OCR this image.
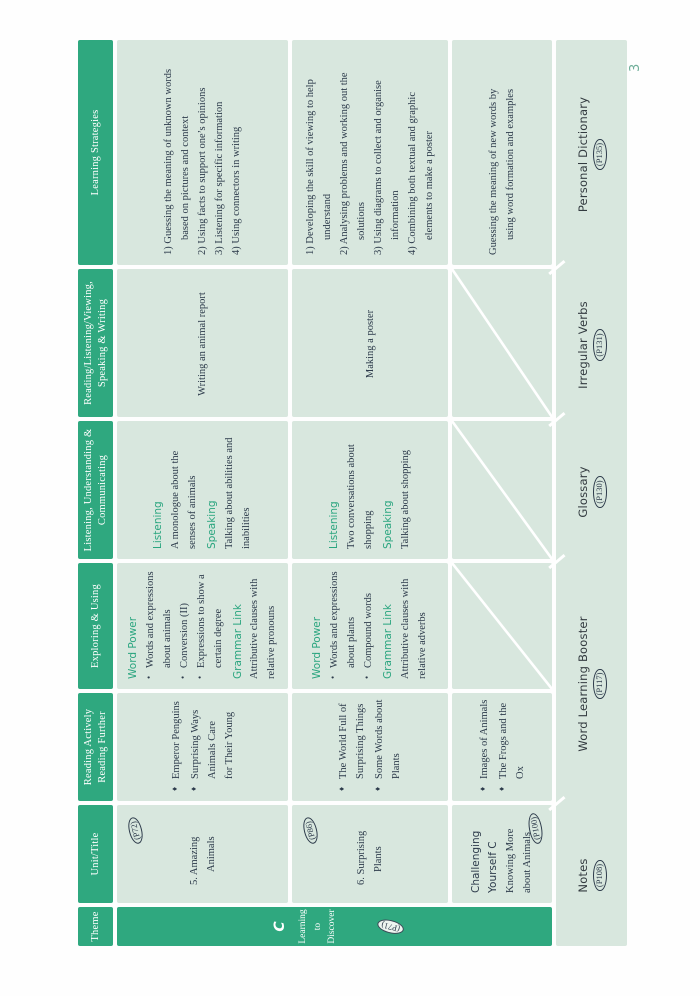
3
Theme
Unit/Title
Reading Actively Reading Further
Exploring & Using
Listening, Understanding & Communicating
Reading/Listening/Viewing, Speaking & Writing
Learning Strategies
C	Learning to Discover	(P71)
(P72)
5. Amazing Animals
♦
Emperor Penguins
♦
Surprising Ways Animals Care for Their Young
Word Power •
Words and expressions about animals
•
Conversion (II)
•
Expressions to show a certain degree Grammar Link Attributive clauses with relative pronouns
Listening A monologue about the senses of animals Speaking Talking about abilities and inabilities
Writing an animal report
1) Guessing the meaning of unknown words based on pictures and context 2) Using facts to support one’s opinions 3) Listening for specific information 4) Using connectors in writing
(P86)
6. Surprising Plants
♦
The World Full of Surprising Things
♦
Some Words about Plants
Word Power •
Words and expressions about plants
•
Compound words Grammar Link Attributive clauses with relative adverbs
Listening Two conversations about shopping Speaking Talking about shopping
Making a poster
1) Developing the skill of viewing to help understand 2) Analysing problems and working out the solutions 3) Using diagrams to collect and organise information 4) Combining both textual and graphic elements to make a poster
(P100)
Challenging Yourself C Knowing More about Animals
♦
Images of Animals
♦
The Frogs and the Ox
Guessing the meaning of new words by using word formation and examples
Notes (P108)
Word Learning Booster (P117)
Glossary (P130)
Irregular Verbs (P131)
Personal Dictionary (P135)
